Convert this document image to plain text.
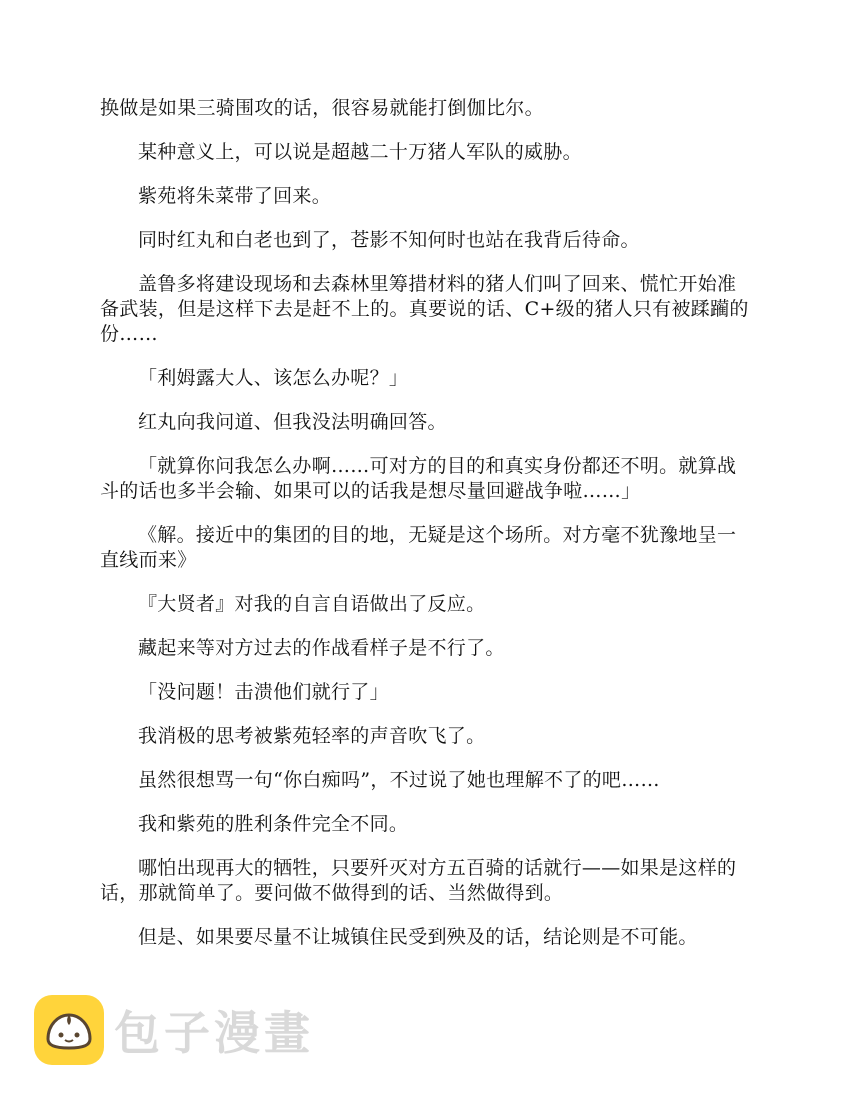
换做是如果三骑围攻的话，很容易就能打倒伽比尔。

某种意义上，可以说是超越二十万猪人军队的威胁。

紫苑将朱菜带了回来。

同时红丸和白老也到了，苍影不知何时也站在我背后待命。

盖鲁多将建设现场和去森林里筹措材料的猪人们叫了回来、慌忙开始准备武装，但是这样下去是赶不上的。真要说的话、C+级的猪人只有被蹂躏的份……

「利姆露大人、该怎么办呢？」

红丸向我问道、但我没法明确回答。

「就算你问我怎么办啊……可对方的目的和真实身份都还不明。就算战斗的话也多半会输、如果可以的话我是想尽量回避战争啦……」

《解。接近中的集团的目的地，无疑是这个场所。对方毫不犹豫地呈一直线而来》

『大贤者』对我的自言自语做出了反应。

藏起来等对方过去的作战看样子是不行了。

「没问题！击溃他们就行了」

我消极的思考被紫苑轻率的声音吹飞了。

虽然很想骂一句“你白痴吗”，不过说了她也理解不了的吧……

我和紫苑的胜利条件完全不同。

哪怕出现再大的牺牲，只要歼灭对方五百骑的话就行——如果是这样的话，那就简单了。要问做不做得到的话、当然做得到。

但是、如果要尽量不让城镇住民受到殃及的话，结论则是不可能。

包子漫畫
